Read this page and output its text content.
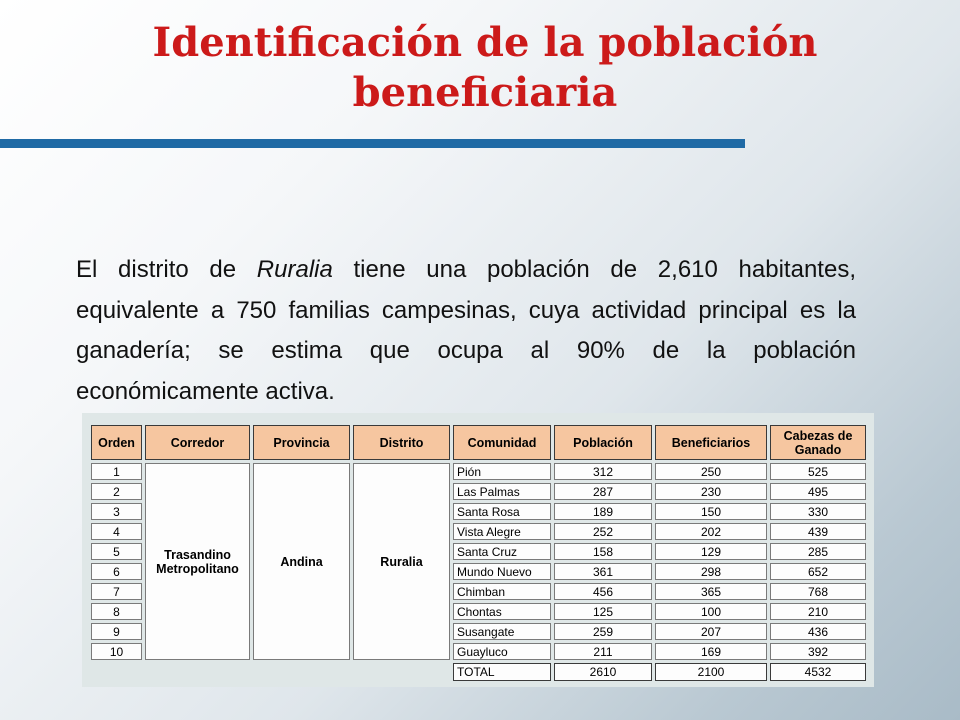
Identificación de la población
beneficiaria

El distrito de Ruralia tiene una población de 2,610 habitantes, equivalente a 750 familias campesinas, cuya actividad principal es la ganadería; se estima que ocupa al 90% de la población económicamente activa.

Orden	Corredor	Provincia	Distrito	Comunidad	Población	Beneficiarios	Cabezas de
Ganado

1	Trasandino
Metropolitano	Andina	Ruralia	Pión	312	250	525
2				Las Palmas	287	230	495
3				Santa Rosa	189	150	330
4				Vista Alegre	252	202	439
5				Santa Cruz	158	129	285
6				Mundo Nuevo	361	298	652
7				Chimban	456	365	768
8				Chontas	125	100	210
9				Susangate	259	207	436
10				Guayluco	211	169	392
				TOTAL	2610	2100	4532
